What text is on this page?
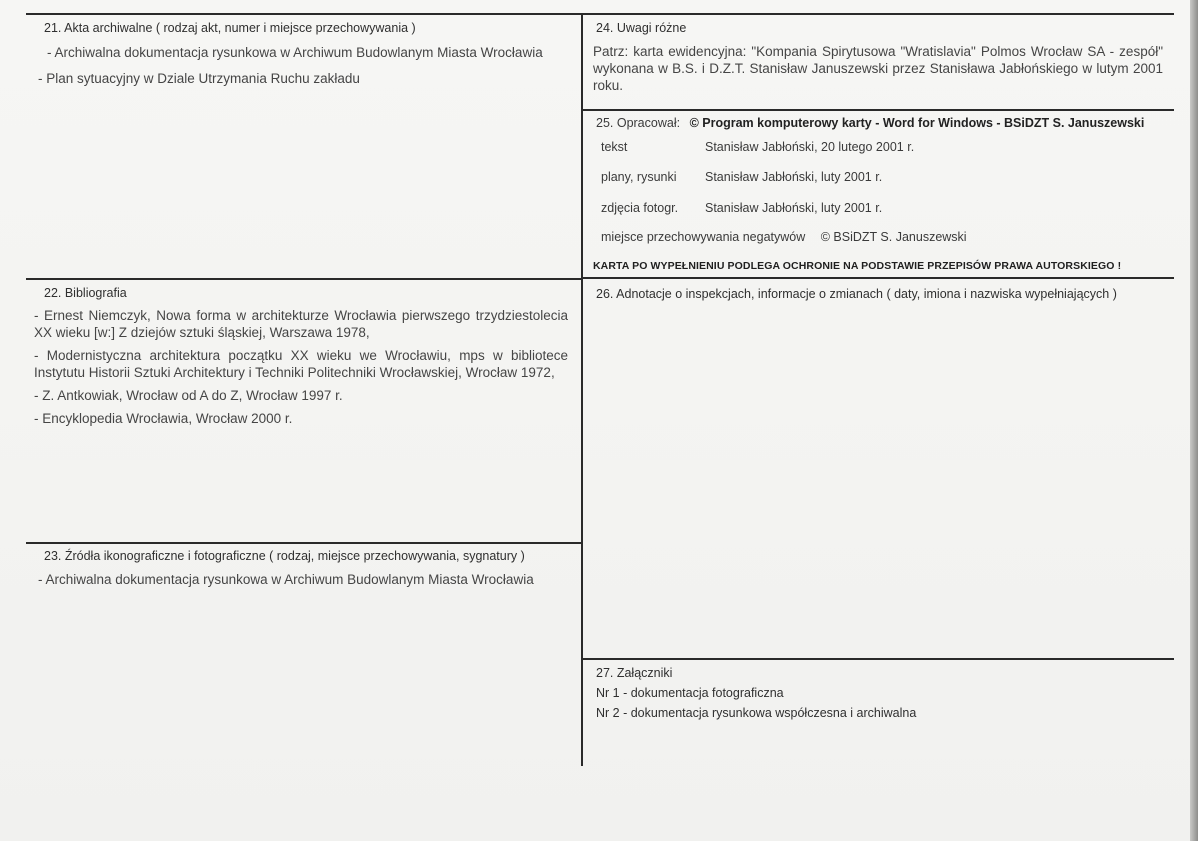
21. Akta archiwalne ( rodzaj akt, numer i miejsce przechowywania )
- Archiwalna dokumentacja rysunkowa w Archiwum Budowlanym Miasta Wrocławia
- Plan sytuacyjny w Dziale Utrzymania Ruchu zakładu
22. Bibliografia
- Ernest Niemczyk, Nowa forma w architekturze Wrocławia pierwszego trzydziestolecia XX wieku [w:] Z dziejów sztuki śląskiej, Warszawa 1978,
- Modernistyczna architektura początku XX wieku we Wrocławiu, mps w bibliotece Instytutu Historii Sztuki Architektury i Techniki Politechniki Wrocławskiej, Wrocław 1972,
- Z. Antkowiak, Wrocław od A do Z, Wrocław 1997 r.
- Encyklopedia Wrocławia, Wrocław 2000 r.
23. Źródła ikonograficzne i fotograficzne ( rodzaj, miejsce przechowywania, sygnatury )
- Archiwalna dokumentacja rysunkowa w Archiwum Budowlanym Miasta Wrocławia
24. Uwagi różne
Patrz: karta ewidencyjna: "Kompania Spirytusowa "Wratislavia" Polmos Wrocław SA - zespół" wykonana w B.S. i D.Z.T. Stanisław Januszewski przez Stanisława Jabłońskiego w lutym 2001 roku.
25. Opracował: © Program komputerowy karty - Word for Windows - BSiDZT S. Januszewski
tekst	Stanisław Jabłoński, 20 lutego 2001 r.
plany, rysunki Stanisław Jabłoński, luty 2001 r.
zdjęcia fotogr. Stanisław Jabłoński, luty 2001 r.
miejsce przechowywania negatywów © BSiDZT S. Januszewski
KARTA PO WYPEŁNIENIU PODLEGA OCHRONIE NA PODSTAWIE PRZEPISÓW PRAWA AUTORSKIEGO !
26. Adnotacje o inspekcjach, informacje o zmianach ( daty, imiona i nazwiska wypełniających )
27. Załączniki
Nr 1 - dokumentacja fotograficzna
Nr 2 - dokumentacja rysunkowa współczesna i archiwalna
